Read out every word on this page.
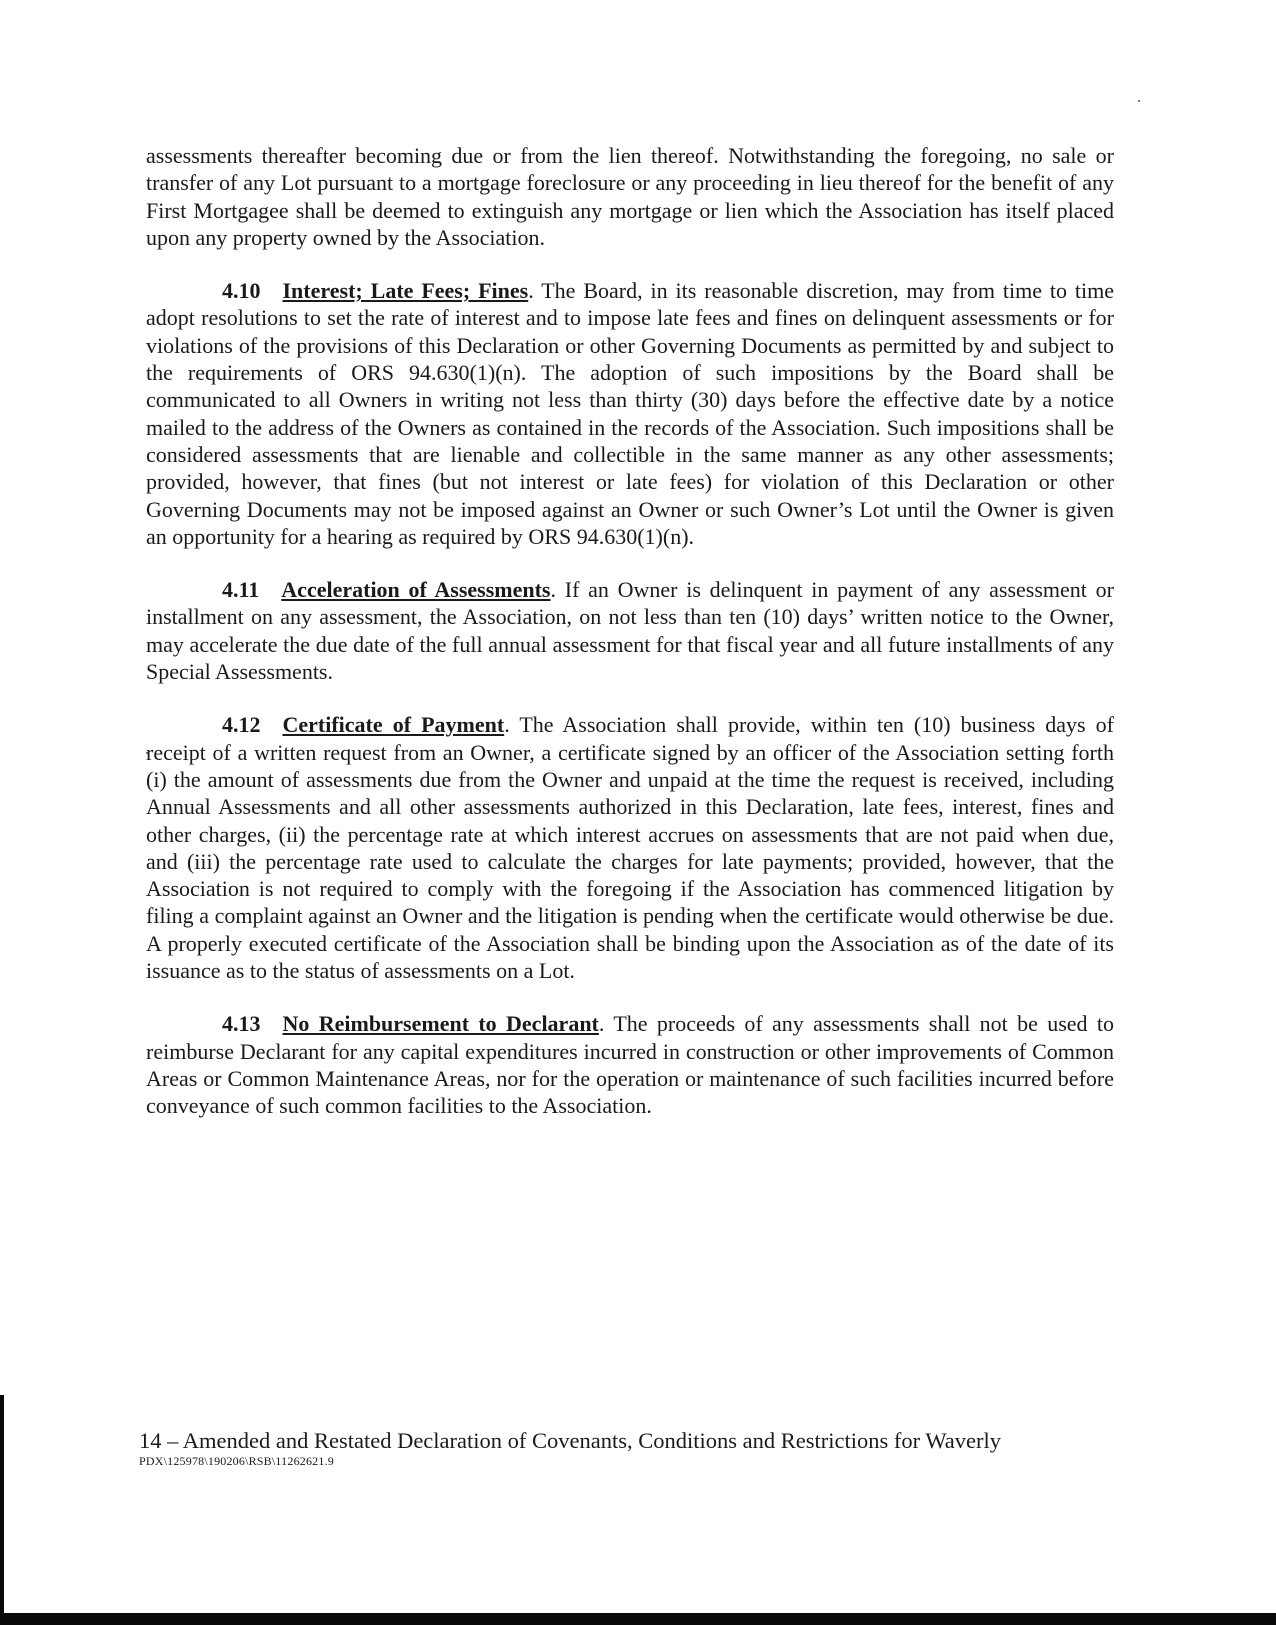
assessments thereafter becoming due or from the lien thereof. Notwithstanding the foregoing, no sale or transfer of any Lot pursuant to a mortgage foreclosure or any proceeding in lieu thereof for the benefit of any First Mortgagee shall be deemed to extinguish any mortgage or lien which the Association has itself placed upon any property owned by the Association.

4.10 Interest; Late Fees; Fines. The Board, in its reasonable discretion, may from time to time adopt resolutions to set the rate of interest and to impose late fees and fines on delinquent assessments or for violations of the provisions of this Declaration or other Governing Documents as permitted by and subject to the requirements of ORS 94.630(1)(n). The adoption of such impositions by the Board shall be communicated to all Owners in writing not less than thirty (30) days before the effective date by a notice mailed to the address of the Owners as contained in the records of the Association. Such impositions shall be considered assessments that are lienable and collectible in the same manner as any other assessments; provided, however, that fines (but not interest or late fees) for violation of this Declaration or other Governing Documents may not be imposed against an Owner or such Owner’s Lot until the Owner is given an opportunity for a hearing as required by ORS 94.630(1)(n).

4.11 Acceleration of Assessments. If an Owner is delinquent in payment of any assessment or installment on any assessment, the Association, on not less than ten (10) days’ written notice to the Owner, may accelerate the due date of the full annual assessment for that fiscal year and all future installments of any Special Assessments.

4.12 Certificate of Payment. The Association shall provide, within ten (10) business days of receipt of a written request from an Owner, a certificate signed by an officer of the Association setting forth (i) the amount of assessments due from the Owner and unpaid at the time the request is received, including Annual Assessments and all other assessments authorized in this Declaration, late fees, interest, fines and other charges, (ii) the percentage rate at which interest accrues on assessments that are not paid when due, and (iii) the percentage rate used to calculate the charges for late payments; provided, however, that the Association is not required to comply with the foregoing if the Association has commenced litigation by filing a complaint against an Owner and the litigation is pending when the certificate would otherwise be due. A properly executed certificate of the Association shall be binding upon the Association as of the date of its issuance as to the status of assessments on a Lot.

4.13 No Reimbursement to Declarant. The proceeds of any assessments shall not be used to reimburse Declarant for any capital expenditures incurred in construction or other improvements of Common Areas or Common Maintenance Areas, nor for the operation or maintenance of such facilities incurred before conveyance of such common facilities to the Association.

14 – Amended and Restated Declaration of Covenants, Conditions and Restrictions for Waverly
PDX\125978\190206\RSB\11262621.9
